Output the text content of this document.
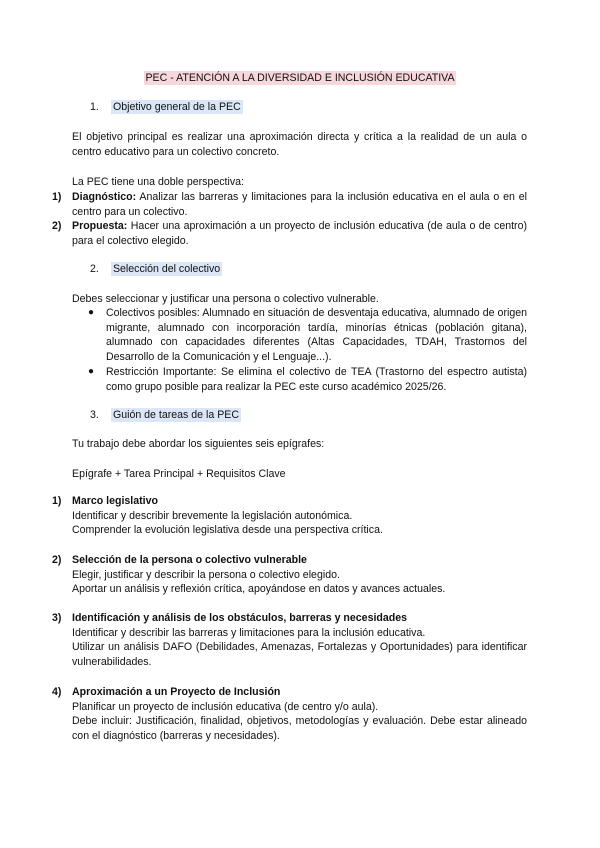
PEC - ATENCIÓN A LA DIVERSIDAD E INCLUSIÓN EDUCATIVA
1. Objetivo general de la PEC
El objetivo principal es realizar una aproximación directa y crítica a la realidad de un aula o centro educativo para un colectivo concreto.
La PEC tiene una doble perspectiva:
1) Diagnóstico: Analizar las barreras y limitaciones para la inclusión educativa en el aula o en el centro para un colectivo.
2) Propuesta: Hacer una aproximación a un proyecto de inclusión educativa (de aula o de centro) para el colectivo elegido.
2. Selección del colectivo
Debes seleccionar y justificar una persona o colectivo vulnerable.
● Colectivos posibles: Alumnado en situación de desventaja educativa, alumnado de origen migrante, alumnado con incorporación tardía, minorías étnicas (población gitana), alumnado con capacidades diferentes (Altas Capacidades, TDAH, Trastornos del Desarrollo de la Comunicación y el Lenguaje...).
● Restricción Importante: Se elimina el colectivo de TEA (Trastorno del espectro autista) como grupo posible para realizar la PEC este curso académico 2025/26.
3. Guión de tareas de la PEC
Tu trabajo debe abordar los siguientes seis epígrafes:
Epígrafe + Tarea Principal + Requisitos Clave
1) Marco legislativo
Identificar y describir brevemente la legislación autonómica.
Comprender la evolución legislativa desde una perspectiva crítica.
2) Selección de la persona o colectivo vulnerable
Elegir, justificar y describir la persona o colectivo elegido.
Aportar un análisis y reflexión crítica, apoyándose en datos y avances actuales.
3) Identificación y análisis de los obstáculos, barreras y necesidades
Identificar y describir las barreras y limitaciones para la inclusión educativa.
Utilizar un análisis DAFO (Debilidades, Amenazas, Fortalezas y Oportunidades) para identificar vulnerabilidades.
4) Aproximación a un Proyecto de Inclusión
Planificar un proyecto de inclusión educativa (de centro y/o aula).
Debe incluir: Justificación, finalidad, objetivos, metodologías y evaluación. Debe estar alineado con el diagnóstico (barreras y necesidades).
